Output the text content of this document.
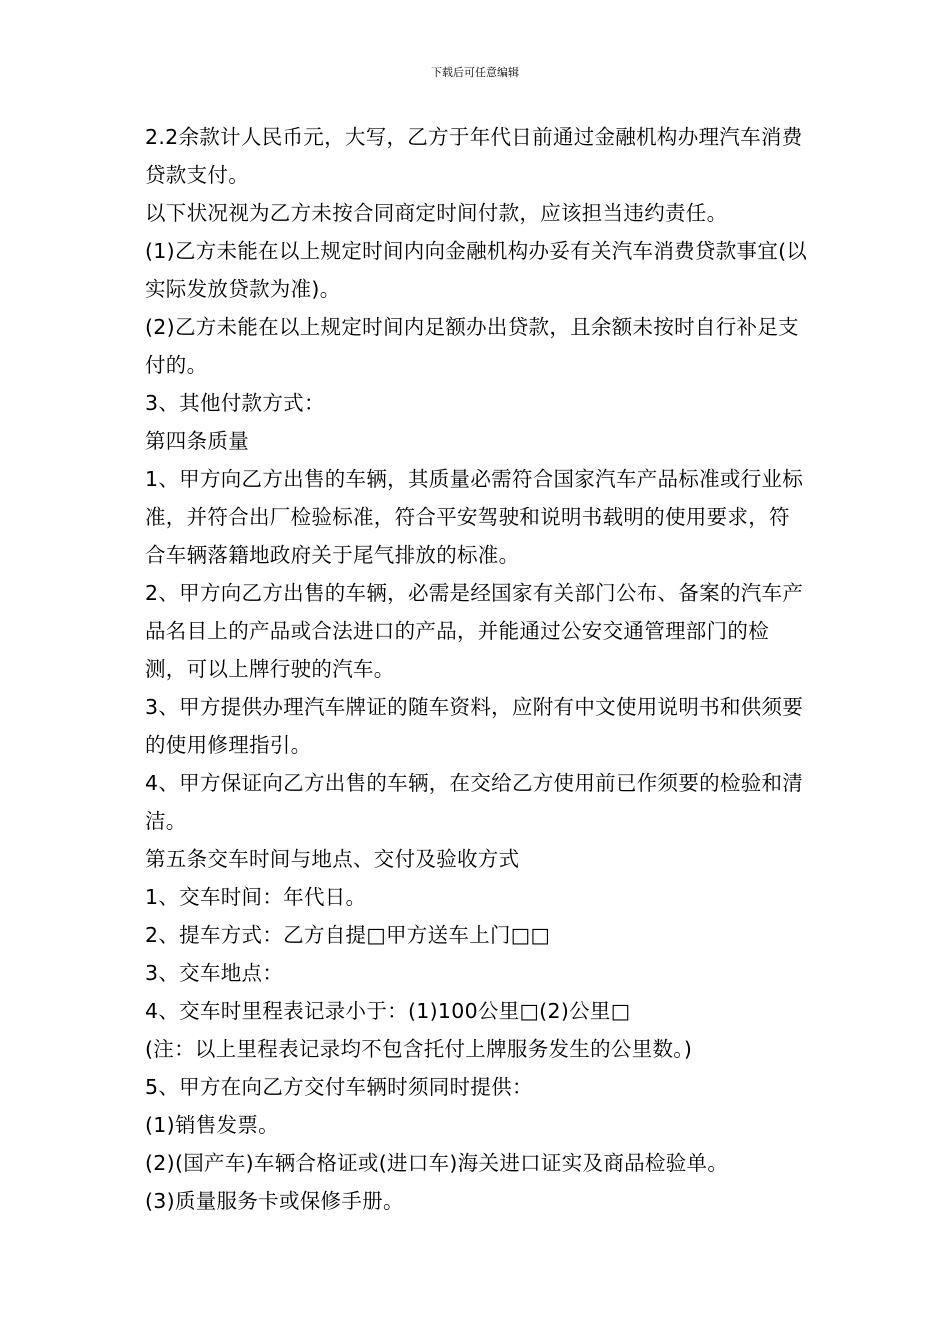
下载后可任意编辑

2.2余款计人民币元，大写，乙方于年代日前通过金融机构办理汽车消费贷款支付。

以下状况视为乙方未按合同商定时间付款，应该担当违约责任。

(1)乙方未能在以上规定时间内向金融机构办妥有关汽车消费贷款事宜(以实际发放贷款为准)。

(2)乙方未能在以上规定时间内足额办出贷款，且余额未按时自行补足支付的。

3、其他付款方式：

第四条质量

1、甲方向乙方出售的车辆，其质量必需符合国家汽车产品标准或行业标准，并符合出厂检验标准，符合平安驾驶和说明书载明的使用要求，符合车辆落籍地政府关于尾气排放的标准。

2、甲方向乙方出售的车辆，必需是经国家有关部门公布、备案的汽车产品名目上的产品或合法进口的产品，并能通过公安交通管理部门的检测，可以上牌行驶的汽车。

3、甲方提供办理汽车牌证的随车资料，应附有中文使用说明书和供须要的使用修理指引。

4、甲方保证向乙方出售的车辆，在交给乙方使用前已作须要的检验和清洁。

第五条交车时间与地点、交付及验收方式

1、交车时间：年代日。

2、提车方式：乙方自提□甲方送车上门□□

3、交车地点：

4、交车时里程表记录小于：(1)100公里□(2)公里□

(注：以上里程表记录均不包含托付上牌服务发生的公里数。)

5、甲方在向乙方交付车辆时须同时提供：

(1)销售发票。

(2)(国产车)车辆合格证或(进口车)海关进口证实及商品检验单。

(3)质量服务卡或保修手册。
